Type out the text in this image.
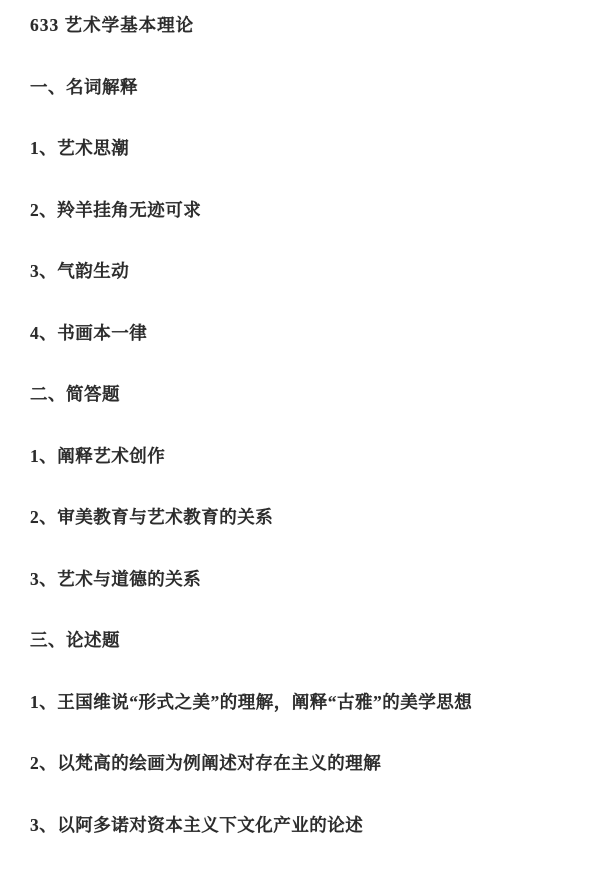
633 艺术学基本理论

一、名词解释

1、艺术思潮

2、羚羊挂角无迹可求

3、气韵生动

4、书画本一律

二、简答题

1、阐释艺术创作

2、审美教育与艺术教育的关系

3、艺术与道德的关系

三、论述题

1、王国维说“形式之美”的理解，阐释“古雅”的美学思想

2、以梵高的绘画为例阐述对存在主义的理解

3、以阿多诺对资本主义下文化产业的论述
